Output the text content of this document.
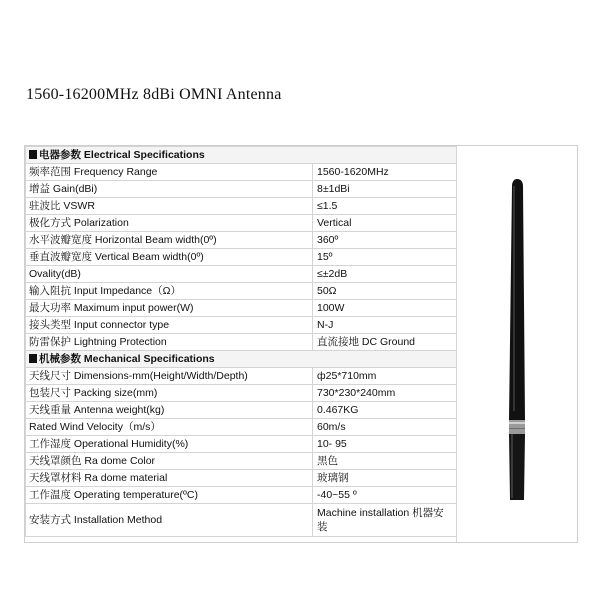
1560-16200MHz 8dBi OMNI Antenna
电器参数 Electrical Specifications	
频率范围 Frequency Range	1560-1620MHz
增益 Gain(dBi)	8±1dBi
驻波比 VSWR	≤1.5
极化方式 Polarization	Vertical
水平波瓣宽度 Horizontal Beam width(0º)	360º
垂直波瓣宽度 Vertical Beam width(0º)	15º
Ovality(dB)	≤±2dB
输入阻抗 Input Impedance（Ω）	50Ω
最大功率 Maximum input power(W)	100W
接头类型 Input connector type	N-J
防雷保护 Lightning Protection	直流接地 DC Ground
机械参数 Mechanical Specifications	
天线尺寸 Dimensions-mm(Height/Width/Depth)	ф25*710mm
包装尺寸 Packing size(mm)	730*230*240mm
天线重量 Antenna weight(kg)	0.467KG
Rated Wind Velocity（m/s）	60m/s
工作湿度 Operational Humidity(%)	10- 95
天线罩颜色 Ra dome Color	黑色
天线罩材料 Ra dome material	玻璃钢
工作温度 Operating temperature(ºC)	-40~55 º
安装方式 Installation Method	Machine installation 机器安装
